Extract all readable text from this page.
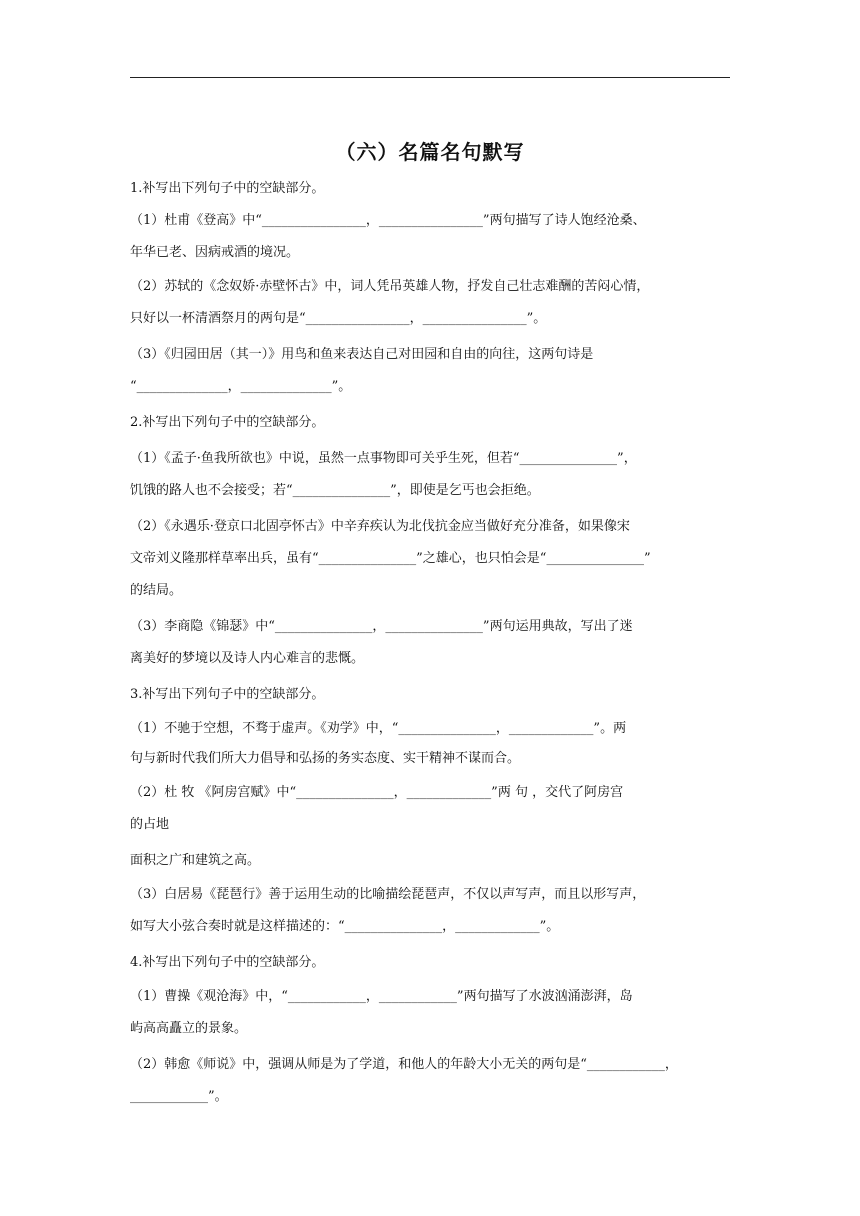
（六）名篇名句默写
1.补写出下列句子中的空缺部分。
（1）杜甫《登高》中“________________，________________”两句描写了诗人饱经沧桑、
年华已老、因病戒酒的境况。
（2）苏轼的《念奴娇·赤壁怀古》中，词人凭吊英雄人物，抒发自己壮志难酬的苦闷心情，
只好以一杯清酒祭月的两句是“________________，________________”。
（3）《归园田居（其一）》用鸟和鱼来表达自己对田园和自由的向往，这两句诗是
“______________，______________”。
2.补写出下列句子中的空缺部分。
（1）《孟子·鱼我所欲也》中说，虽然一点事物即可关乎生死，但若“_______________”，
饥饿的路人也不会接受；若“_______________”，即使是乞丐也会拒绝。
（2）《永遇乐·登京口北固亭怀古》中辛弃疾认为北伐抗金应当做好充分准备，如果像宋
文帝刘义隆那样草率出兵，虽有“_______________”之雄心，也只怕会是“_______________”
的结局。
（3）李商隐《锦瑟》中“_______________，_______________”两句运用典故，写出了迷
离美好的梦境以及诗人内心难言的悲慨。
3.补写出下列句子中的空缺部分。
（1）不驰于空想，不骛于虚声。《劝学》中，“_______________，_____________”。两
句与新时代我们所大力倡导和弘扬的务实态度、实干精神不谋而合。
（2）杜 牧 《阿房宫赋》中“_______________，_____________”两 句 ，交代了阿房宫
的占地
面积之广和建筑之高。
（3）白居易《琵琶行》善于运用生动的比喻描绘琵琶声，不仅以声写声，而且以形写声，
如写大小弦合奏时就是这样描述的：“_______________，_____________”。
4.补写出下列句子中的空缺部分。
（1）曹操《观沧海》中，“____________，____________”两句描写了水波汹涌澎湃，岛
屿高高矗立的景象。
（2）韩愈《师说》中，强调从师是为了学道，和他人的年龄大小无关的两句是“____________，
____________”。
